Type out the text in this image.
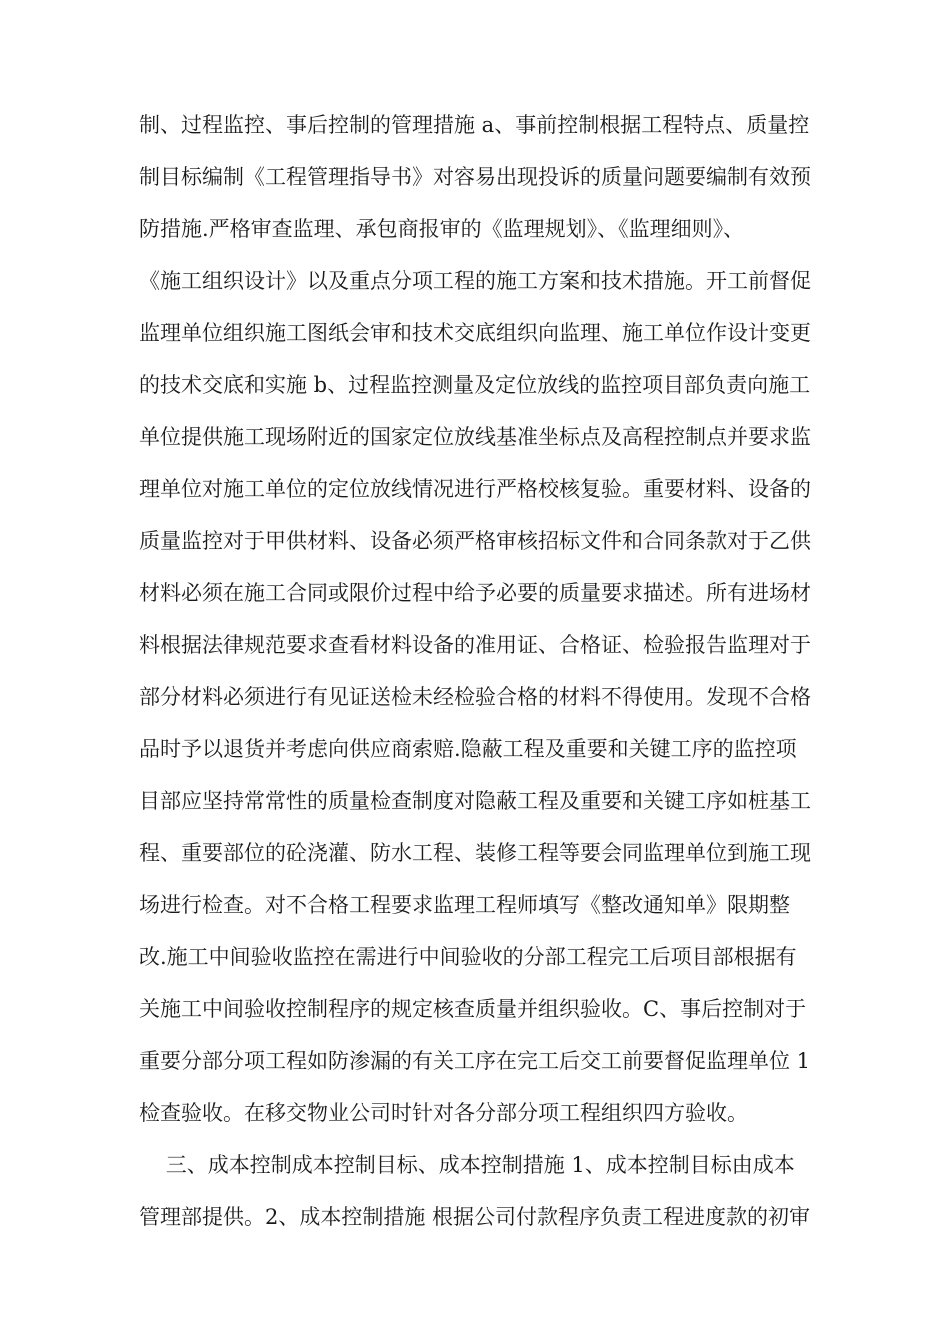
制、过程监控、事后控制的管理措施 a、事前控制根据工程特点、质量控
制目标编制《工程管理指导书》对容易出现投诉的质量问题要编制有效预
防措施.严格审查监理、承包商报审的《监理规划》、《监理细则》、
《施工组织设计》以及重点分项工程的施工方案和技术措施。开工前督促
监理单位组织施工图纸会审和技术交底组织向监理、施工单位作设计变更
的技术交底和实施 b、过程监控测量及定位放线的监控项目部负责向施工
单位提供施工现场附近的国家定位放线基准坐标点及高程控制点并要求监
理单位对施工单位的定位放线情况进行严格校核复验。重要材料、设备的
质量监控对于甲供材料、设备必须严格审核招标文件和合同条款对于乙供
材料必须在施工合同或限价过程中给予必要的质量要求描述。所有进场材
料根据法律规范要求查看材料设备的准用证、合格证、检验报告监理对于
部分材料必须进行有见证送检未经检验合格的材料不得使用。发现不合格
品时予以退货并考虑向供应商索赔.隐蔽工程及重要和关键工序的监控项
目部应坚持常常性的质量检查制度对隐蔽工程及重要和关键工序如桩基工
程、重要部位的砼浇灌、防水工程、装修工程等要会同监理单位到施工现
场进行检查。对不合格工程要求监理工程师填写《整改通知单》限期整
改.施工中间验收监控在需进行中间验收的分部工程完工后项目部根据有
关施工中间验收控制程序的规定核查质量并组织验收。C、事后控制对于
重要分部分项工程如防渗漏的有关工序在完工后交工前要督促监理单位 1
检查验收。在移交物业公司时针对各分部分项工程组织四方验收。
三、成本控制成本控制目标、成本控制措施 1、成本控制目标由成本
管理部提供。2、成本控制措施 根据公司付款程序负责工程进度款的初审
